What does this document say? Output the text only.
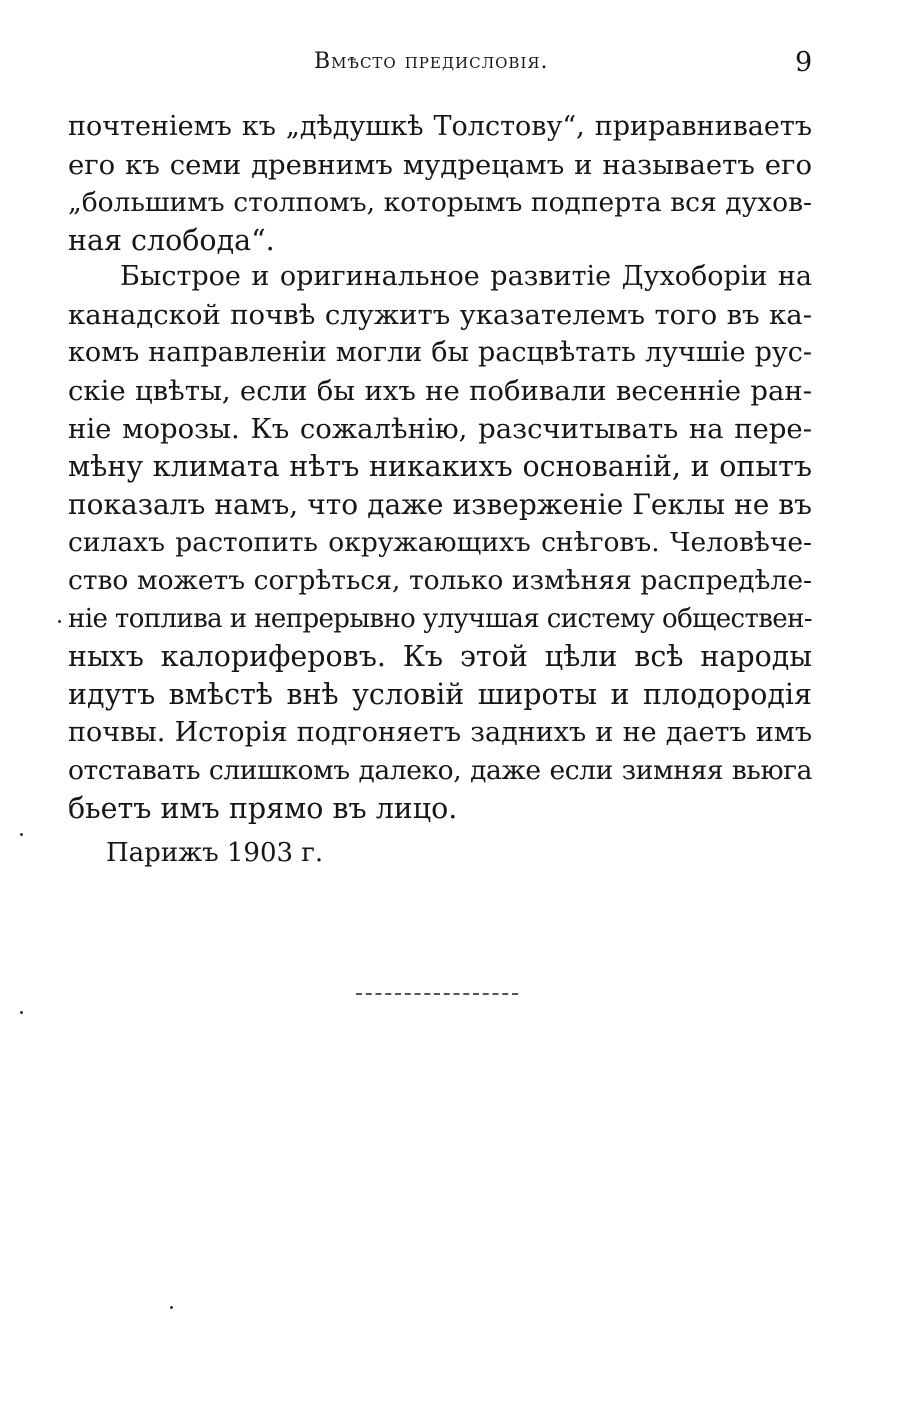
Вмѣсто предисловія.	9
почтеніемъ къ „дѣдушкѣ Толстову“, приравниваетъ
его къ семи древнимъ мудрецамъ и называетъ его
„большимъ столпомъ, которымъ подперта вся духов-
ная слобода“.
Быстрое и оригинальное развитіе Духоборіи на
канадской почвѣ служитъ указателемъ того въ ка-
комъ направленіи могли бы расцвѣтать лучшіе рус-
скіе цвѣты, если бы ихъ не побивали весенніе ран-
ніе морозы. Къ сожалѣнію, разсчитывать на пере-
мѣну климата нѣтъ никакихъ основаній, и опытъ
показалъ намъ, что даже изверженіе Геклы не въ
силахъ растопить окружающихъ снѣговъ. Человѣче-
ство можетъ согрѣться, только измѣняя распредѣле-
ніе топлива и непрерывно улучшая систему обществен-
ныхъ калориферовъ. Къ этой цѣли всѣ народы
идутъ вмѣстѣ внѣ условій широты и плодородія
почвы. Исторія подгоняетъ заднихъ и не даетъ имъ
отставать слишкомъ далеко, даже если зимняя вьюга
бьетъ имъ прямо въ лицо.
Парижъ 1903 г.
